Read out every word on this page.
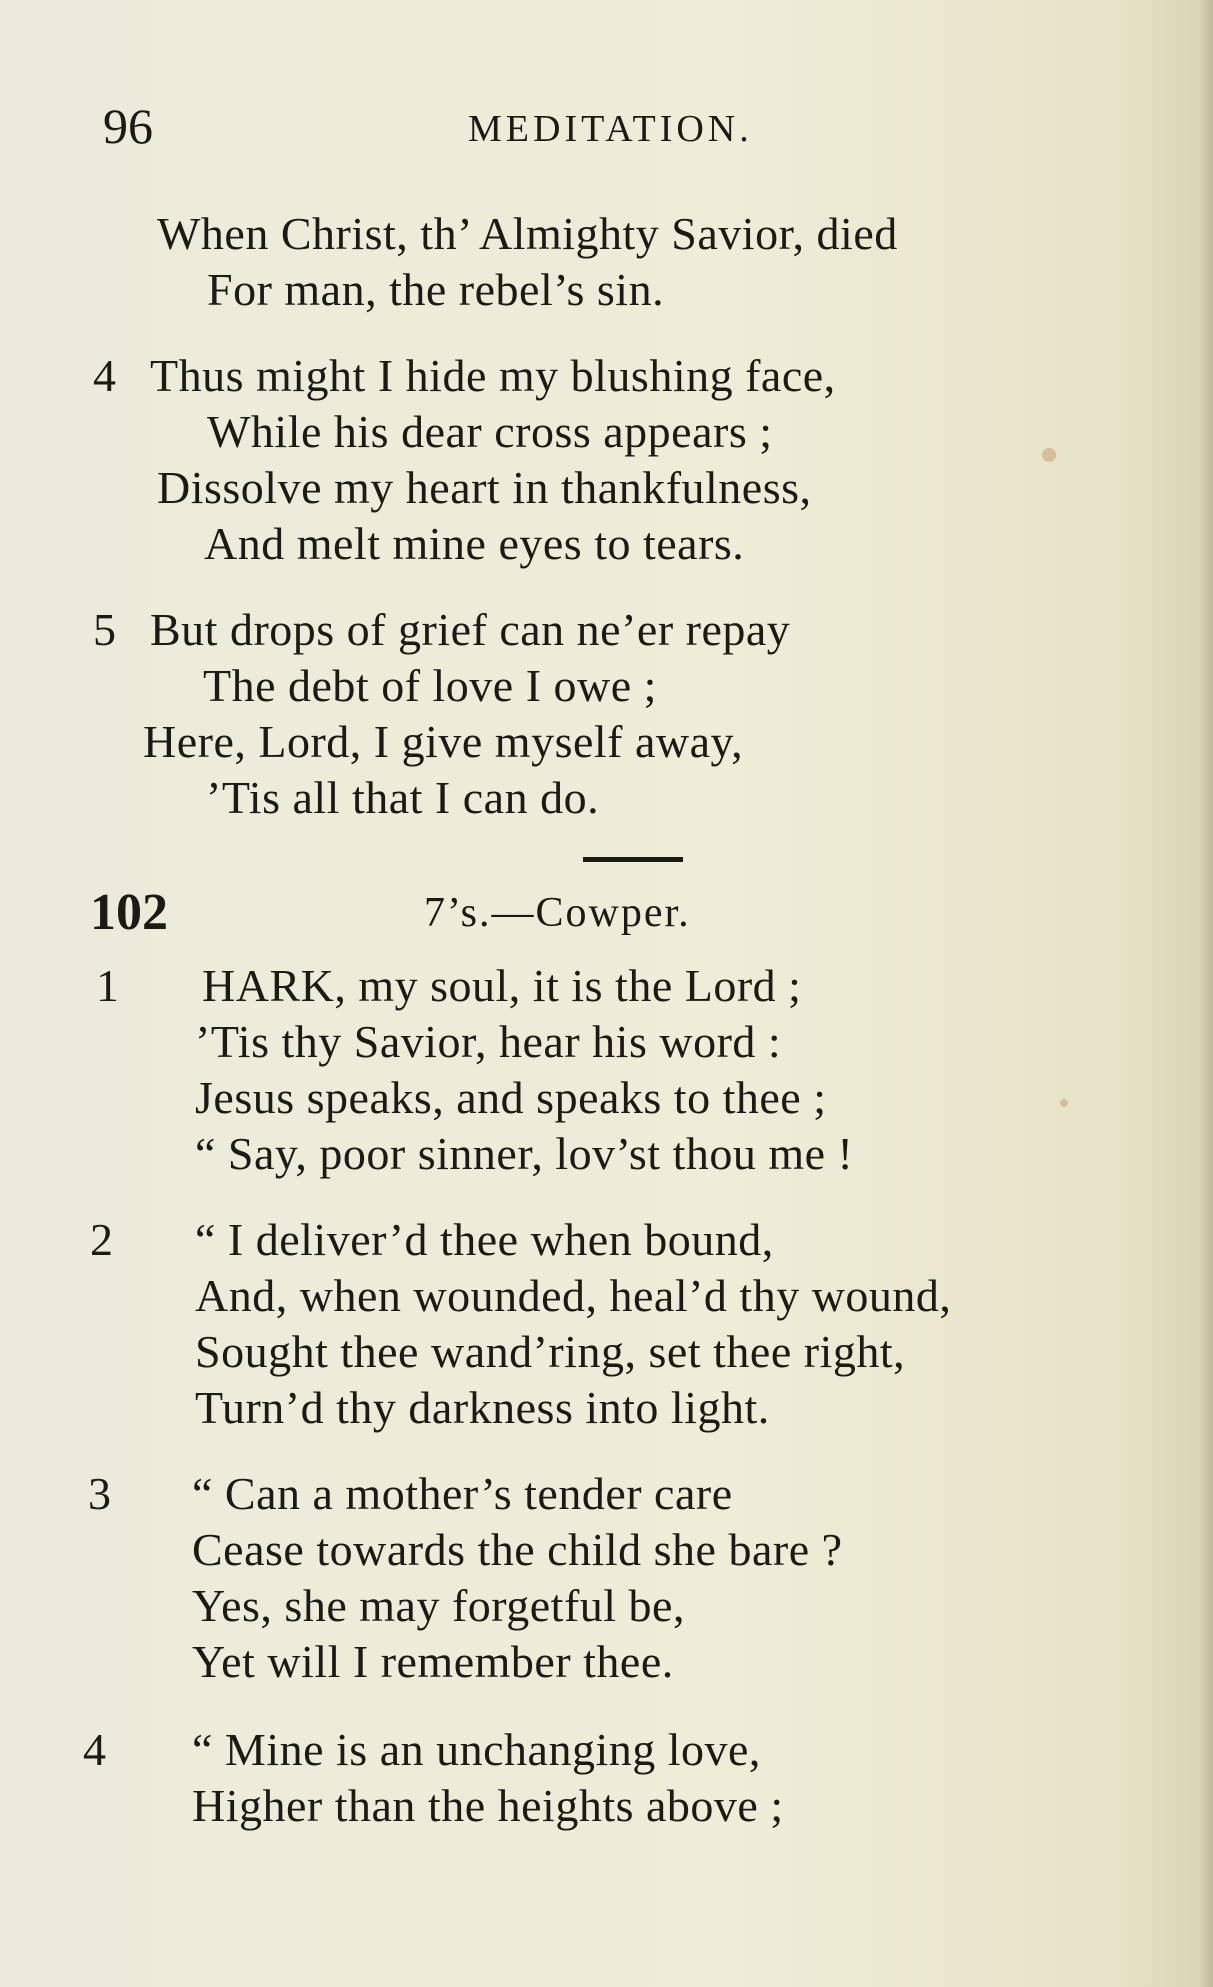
96	MEDITATION.
When Christ, th’ Almighty Savior, died
For man, the rebel’s sin.
4 Thus might I hide my blushing face,
While his dear cross appears ;
Dissolve my heart in thankfulness,
And melt mine eyes to tears.
5 But drops of grief can ne’er repay
The debt of love I owe ;
Here, Lord, I give myself away,
’Tis all that I can do.
102	7’s.—Cowper.
1 HARK, my soul, it is the Lord ;
’Tis thy Savior, hear his word :
Jesus speaks, and speaks to thee ;
“ Say, poor sinner, lov’st thou me !
2 “ I deliver’d thee when bound,
And, when wounded, heal’d thy wound,
Sought thee wand’ring, set thee right,
Turn’d thy darkness into light.
3 “ Can a mother’s tender care
Cease towards the child she bare ?
Yes, she may forgetful be,
Yet will I remember thee.
4 “ Mine is an unchanging love,
Higher than the heights above ;
